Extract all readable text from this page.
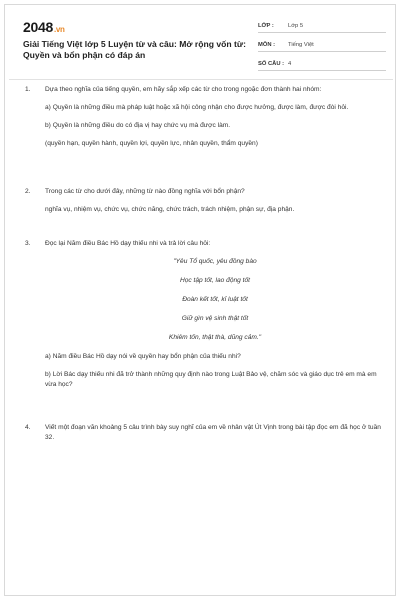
2048.vn
Giải Tiếng Việt lớp 5 Luyện từ và câu: Mở rộng vốn từ: Quyền và bổn phận có đáp án
LỚP :	Lớp 5
MÔN :	Tiếng Việt
SỐ CÂU : 4
1.	Dựa theo nghĩa của tiếng quyền, em hãy sắp xếp các từ cho trong ngoặc đơn thành hai nhóm:
a) Quyền là những điều mà pháp luật hoặc xã hội công nhận cho được hưởng, được làm, được đòi hỏi.
b) Quyền là những điều do có địa vị hay chức vụ mà được làm.
(quyền hạn, quyền hành, quyền lợi, quyền lực, nhân quyền, thẩm quyền)
2.	Trong các từ cho dưới đây, những từ nào đồng nghĩa với bổn phận?
nghĩa vụ, nhiệm vụ, chức vụ, chức năng, chức trách, trách nhiệm, phận sự, địa phận.
3.	Đọc lại Năm điều Bác Hồ dạy thiếu nhi và trả lời câu hỏi:
"Yêu Tổ quốc, yêu đồng bào
Học tập tốt, lao động tốt
Đoàn kết tốt, kỉ luật tốt
Giữ gìn vệ sinh thật tốt
Khiêm tốn, thật thà, dũng cảm."
a) Năm điều Bác Hồ dạy nói về quyền hay bổn phận của thiếu nhi?
b) Lời Bác dạy thiếu nhi đã trở thành những quy định nào trong Luật Bảo vệ, chăm sóc và giáo dục trẻ em mà em vừa học?
4.	Viết một đoạn văn khoảng 5 câu trình bày suy nghĩ của em về nhân vật Út Vịnh trong bài tập đọc em đã học ở tuần 32.
